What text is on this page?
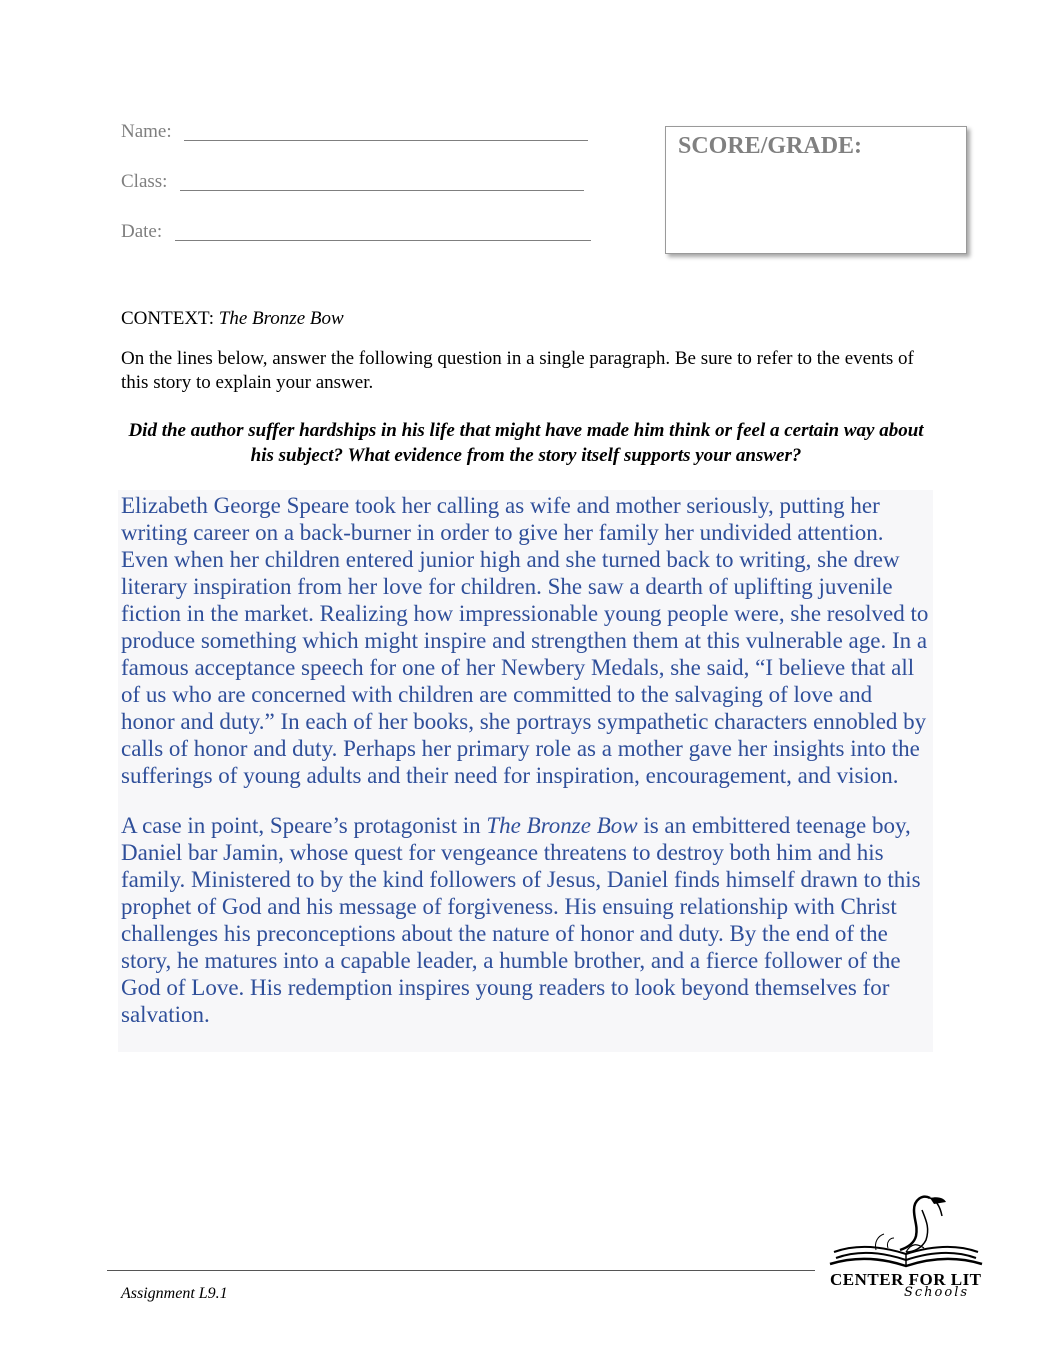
Name:
Class:
Date:
SCORE/GRADE:
CONTEXT: The Bronze Bow
On the lines below, answer the following question in a single paragraph. Be sure to refer to the events of this story to explain your answer.
Did the author suffer hardships in his life that might have made him think or feel a certain way about his subject? What evidence from the story itself supports your answer?

Elizabeth George Speare took her calling as wife and mother seriously, putting her writing career on a back-burner in order to give her family her undivided attention. Even when her children entered junior high and she turned back to writing, she drew literary inspiration from her love for children. She saw a dearth of uplifting juvenile fiction in the market. Realizing how impressionable young people were, she resolved to produce something which might inspire and strengthen them at this vulnerable age. In a famous acceptance speech for one of her Newbery Medals, she said, “I believe that all of us who are concerned with children are committed to the salvaging of love and honor and duty.” In each of her books, she portrays sympathetic characters ennobled by calls of honor and duty. Perhaps her primary role as a mother gave her insights into the sufferings of young adults and their need for inspiration, encouragement, and vision.

A case in point, Speare’s protagonist in The Bronze Bow is an embittered teenage boy, Daniel bar Jamin, whose quest for vengeance threatens to destroy both him and his family. Ministered to by the kind followers of Jesus, Daniel finds himself drawn to this prophet of God and his message of forgiveness. His ensuing relationship with Christ challenges his preconceptions about the nature of honor and duty. By the end of the story, he matures into a capable leader, a humble brother, and a fierce follower of the God of Love. His redemption inspires young readers to look beyond themselves for salvation.

Assignment L9.1
CENTER FOR LIT
Schools
